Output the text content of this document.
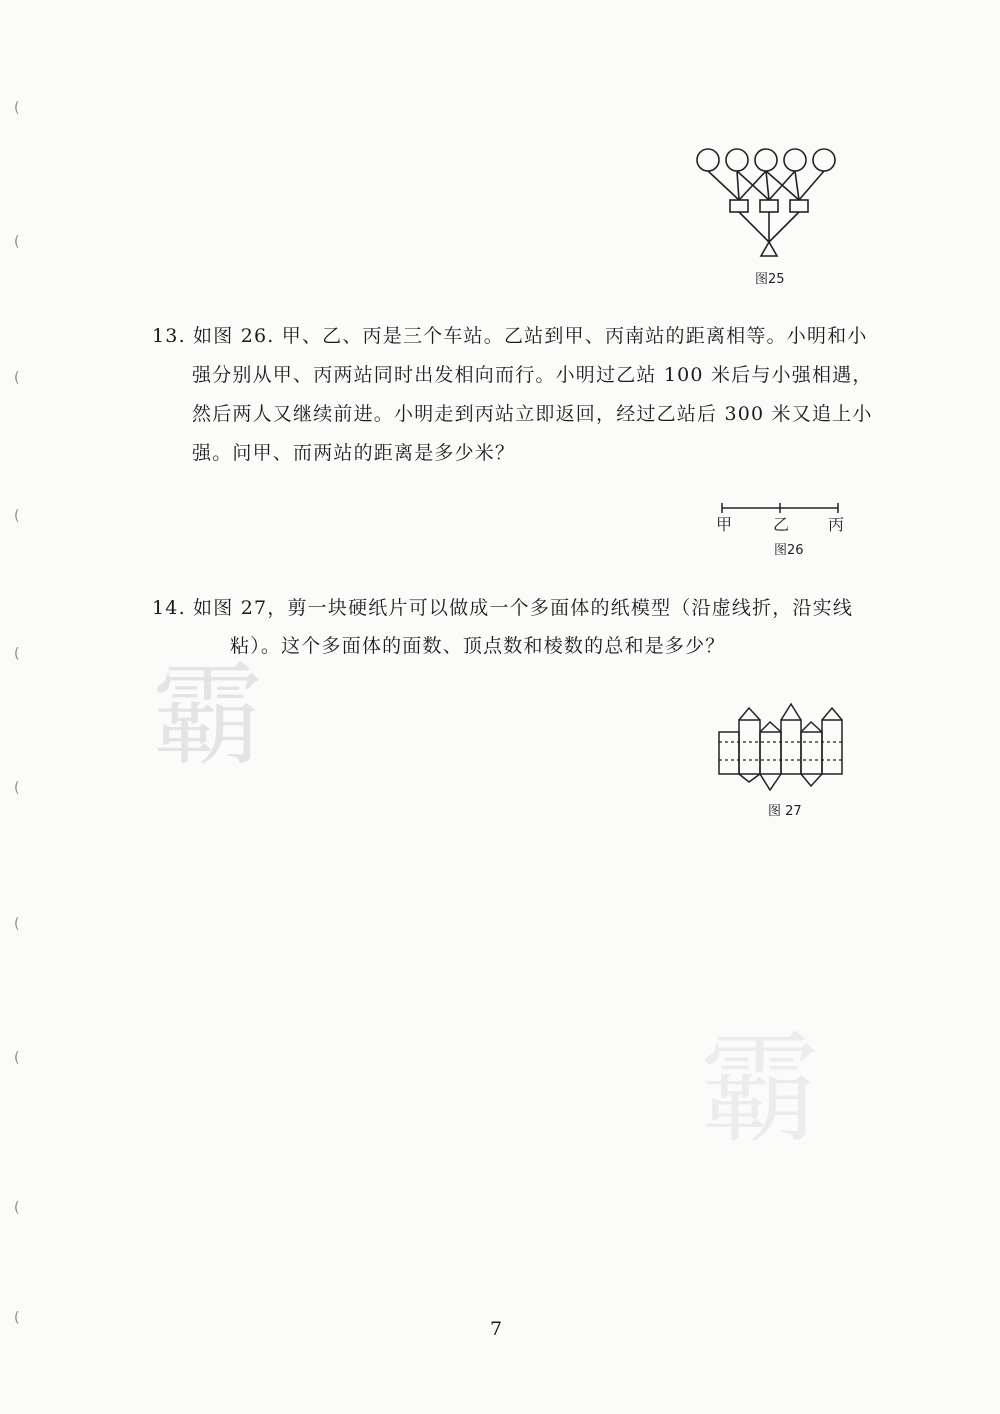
(
(
(
(
(
(
(
(
(
(
霸
霸
图25
13. 如图 26. 甲、乙、丙是三个车站。乙站到甲、丙南站的距离相等。小明和小
强分别从甲、丙两站同时出发相向而行。小明过乙站 100 米后与小强相遇，
然后两人又继续前进。小明走到丙站立即返回，经过乙站后 300 米又追上小
强。问甲、而两站的距离是多少米？
甲	乙 丙
图26
14. 如图 27，剪一块硬纸片可以做成一个多面体的纸模型（沿虚线折，沿实线
粘）。这个多面体的面数、顶点数和棱数的总和是多少？
图 27
7
